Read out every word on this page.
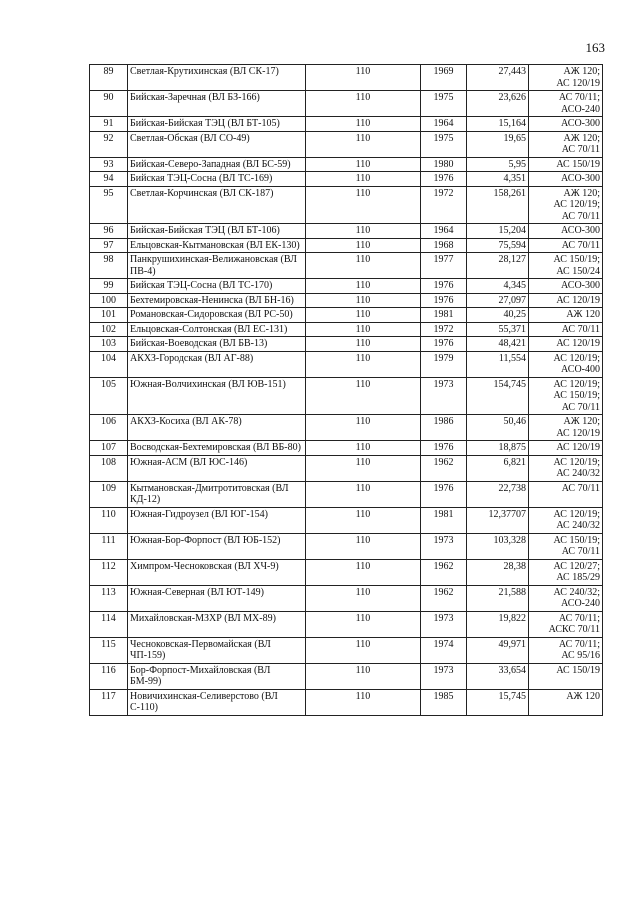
163
89	Светлая-Крутихинская (ВЛ СК-17)	110	1969	27,443	АЖ 120;
АС 120/19
90	Бийская-Заречная (ВЛ БЗ-166)	110	1975	23,626	АС 70/11;
АСО-240
91	Бийская-Бийская ТЭЦ (ВЛ БТ-105)	110	1964	15,164	АСО-300
92	Светлая-Обская (ВЛ СО-49)	110	1975	19,65	АЖ 120;
АС 70/11
93	Бийская-Северо-Западная (ВЛ БС-59)	110	1980	5,95	АС 150/19
94	Бийская ТЭЦ-Сосна (ВЛ ТС-169)	110	1976	4,351	АСО-300
95	Светлая-Корчинская (ВЛ СК-187)	110	1972	158,261	АЖ 120;
АС 120/19;
АС 70/11
96	Бийская-Бийская ТЭЦ (ВЛ БТ-106)	110	1964	15,204	АСО-300
97	Ельцовская-Кытмановская (ВЛ ЕК-130)	110	1968	75,594	АС 70/11
98	Панкрушихинская-Велижановская (ВЛ ПВ-4)	110	1977	28,127	АС 150/19;
АС 150/24
99	Бийская ТЭЦ-Сосна (ВЛ ТС-170)	110	1976	4,345	АСО-300
100	Бехтемировская-Ненинска (ВЛ БН-16)	110	1976	27,097	АС 120/19
101	Романовская-Сидоровская (ВЛ РС-50)	110	1981	40,25	АЖ 120
102	Ельцовская-Солтонская (ВЛ ЕС-131)	110	1972	55,371	АС 70/11
103	Бийская-Воеводская (ВЛ БВ-13)	110	1976	48,421	АС 120/19
104	АКХЗ-Городская (ВЛ АГ-88)	110	1979	11,554	АС 120/19;
АСО-400
105	Южная-Волчихинская (ВЛ ЮВ-151)	110	1973	154,745	АС 120/19;
АС 150/19;
АС 70/11
106	АКХЗ-Косиха (ВЛ АК-78)	110	1986	50,46	АЖ 120;
АС 120/19
107	Восводская-Бехтемировская (ВЛ ВБ-80)	110	1976	18,875	АС 120/19
108	Южная-АСМ (ВЛ ЮС-146)	110	1962	6,821	АС 120/19;
АС 240/32
109	Кытмановская-Дмитротитовская (ВЛ КД-12)	110	1976	22,738	АС 70/11
110	Южная-Гидроузел (ВЛ ЮГ-154)	110	1981	12,37707	АС 120/19;
АС 240/32
111	Южная-Бор-Форпост (ВЛ ЮБ-152)	110	1973	103,328	АС 150/19;
АС 70/11
112	Химпром-Чесноковская (ВЛ ХЧ-9)	110	1962	28,38	АС 120/27;
АС 185/29
113	Южная-Северная (ВЛ ЮТ-149)	110	1962	21,588	АС 240/32;
АСО-240
114	Михайловская-МЗХР (ВЛ МХ-89)	110	1973	19,822	АС 70/11;
АСКС 70/11
115	Чесноковская-Первомайская (ВЛ ЧП-159)	110	1974	49,971	АС 70/11;
АС 95/16
116	Бор-Форпост-Михайловская (ВЛ БМ-99)	110	1973	33,654	АС 150/19
117	Новичихинская-Селиверстово (ВЛ С-110)	110	1985	15,745	АЖ 120
